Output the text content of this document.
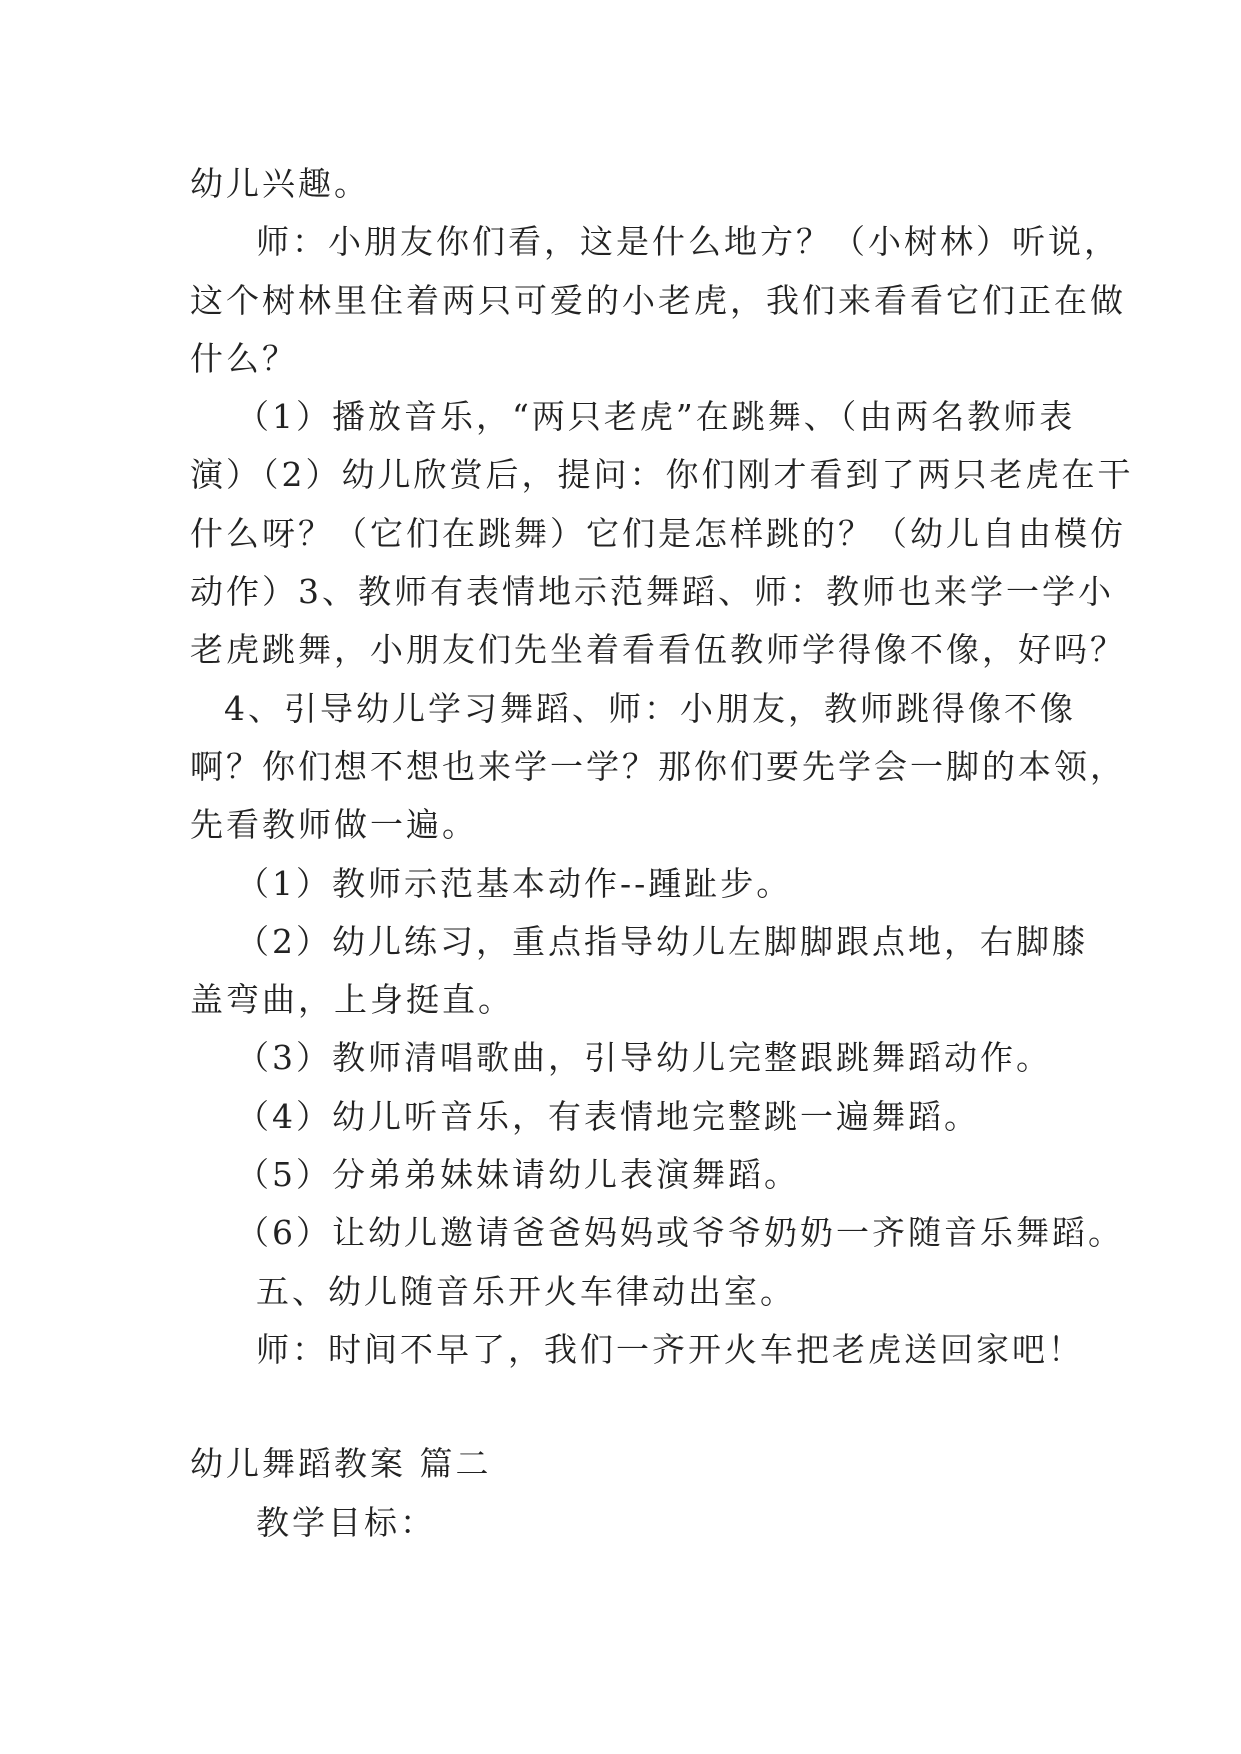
幼儿兴趣。

师：小朋友你们看，这是什么地方？（小树林）听说，

这个树林里住着两只可爱的小老虎，我们来看看它们正在做

什么？

（1）播放音乐，“两只老虎”在跳舞、（由两名教师表

演）（2）幼儿欣赏后，提问：你们刚才看到了两只老虎在干

什么呀？（它们在跳舞）它们是怎样跳的？（幼儿自由模仿

动作）3、教师有表情地示范舞蹈、师：教师也来学一学小

老虎跳舞，小朋友们先坐着看看伍教师学得像不像，好吗？

4、引导幼儿学习舞蹈、师：小朋友，教师跳得像不像

啊？你们想不想也来学一学？那你们要先学会一脚的本领，

先看教师做一遍。

（1）教师示范基本动作--踵趾步。

（2）幼儿练习，重点指导幼儿左脚脚跟点地，右脚膝

盖弯曲，上身挺直。

（3）教师清唱歌曲，引导幼儿完整跟跳舞蹈动作。

（4）幼儿听音乐，有表情地完整跳一遍舞蹈。

（5）分弟弟妹妹请幼儿表演舞蹈。

（6）让幼儿邀请爸爸妈妈或爷爷奶奶一齐随音乐舞蹈。

五、幼儿随音乐开火车律动出室。

师：时间不早了，我们一齐开火车把老虎送回家吧！

幼儿舞蹈教案 篇二

教学目标：
